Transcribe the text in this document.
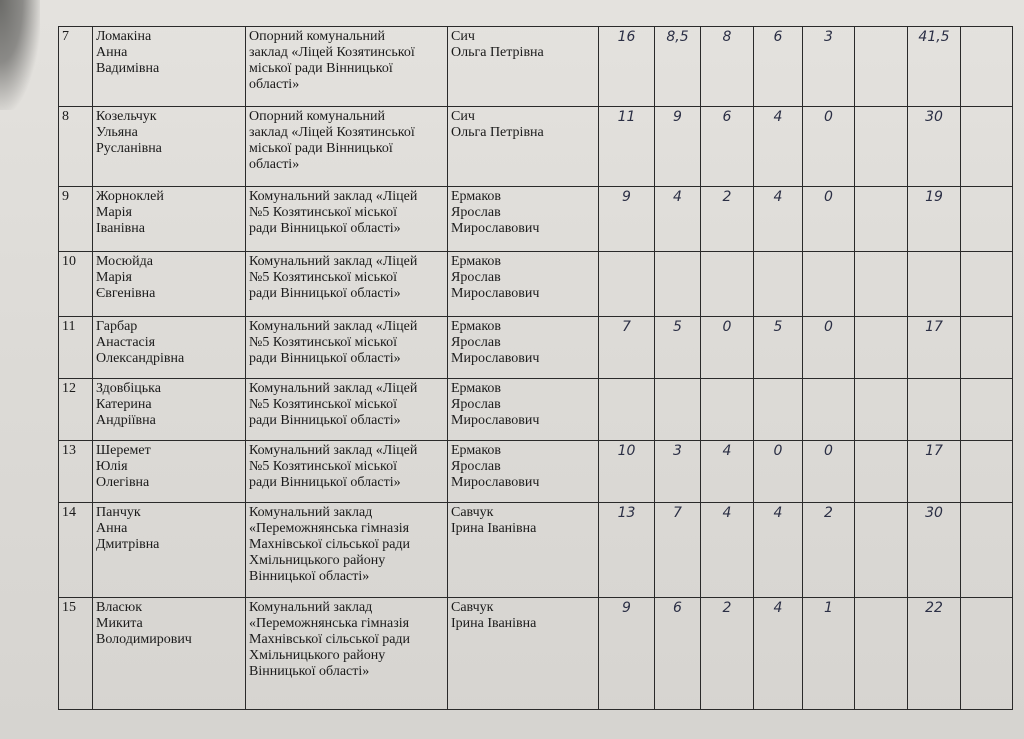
7	Ломакіна
Анна
Вадимівна	Опорний комунальний
заклад «Ліцей Козятинської
міської ради Вінницької
області»	Сич
Ольга Петрівна	16	8,5	8	6	3		41,5	
8	Козельчук
Ульяна
Русланівна	Опорний комунальний
заклад «Ліцей Козятинської
міської ради Вінницької
області»	Сич
Ольга Петрівна	11	9	6	4	0		30	
9	Жорноклей
Марія
Іванівна	Комунальний заклад «Ліцей
№5 Козятинської міської
ради Вінницької області»	Ермаков
Ярослав
Мирославович	9	4	2	4	0		19	
10	Мосюйда
Марія
Євгенівна	Комунальний заклад «Ліцей
№5 Козятинської міської
ради Вінницької області»	Ермаков
Ярослав
Мирославович								

11	Гарбар
Анастасія
Олександрівна	Комунальний заклад «Ліцей
№5 Козятинської міської
ради Вінницької області»	Ермаков
Ярослав
Мирославович	7	5	0	5	0		17	
12	Здовбіцька
Катерина
Андріївна	Комунальний заклад «Ліцей
№5 Козятинської міської
ради Вінницької області»	Ермаков
Ярослав
Мирославович								

13	Шеремет
Юлія
Олегівна	Комунальний заклад «Ліцей
№5 Козятинської міської
ради Вінницької області»	Ермаков
Ярослав
Мирославович	10	3	4	0	0		17	
14	Панчук
Анна
Дмитрівна	Комунальний заклад
«Переможнянська гімназія
Махнівської сільської ради
Хмільницького району
Вінницької області»	Савчук
Ірина Іванівна	13	7	4	4	2		30	
15	Власюк
Микита
Володимирович	Комунальний заклад
«Переможнянська гімназія
Махнівської сільської ради
Хмільницького району
Вінницької області»	Савчук
Ірина Іванівна	9	6	2	4	1		22	
